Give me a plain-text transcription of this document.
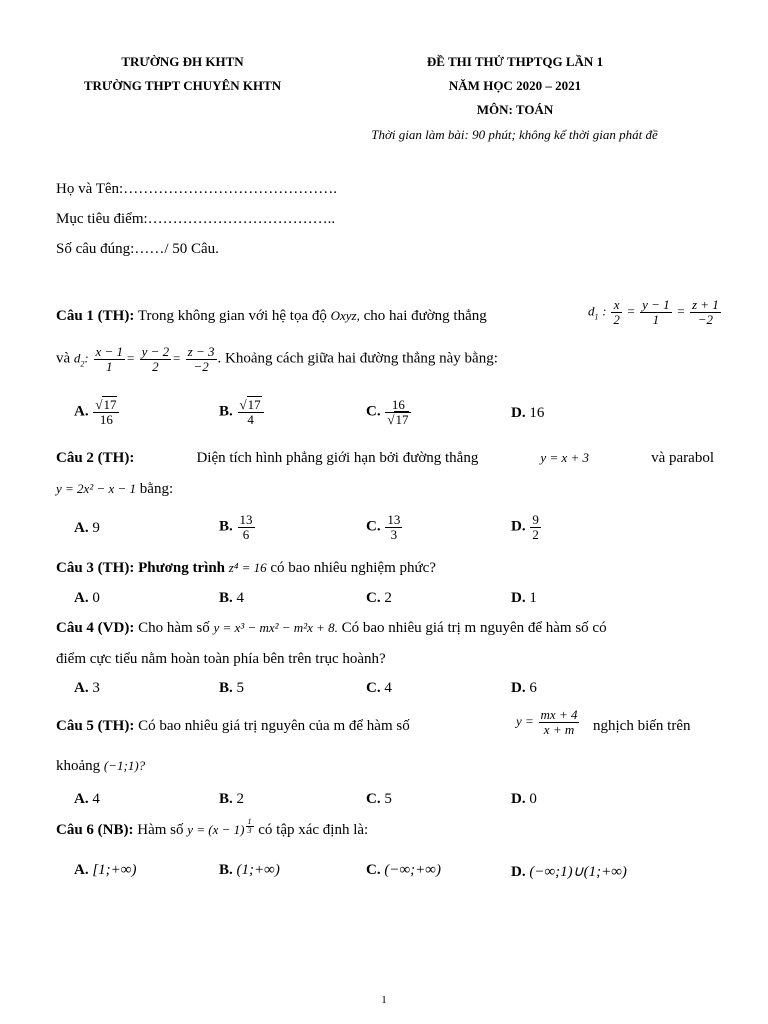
TRƯỜNG ĐH KHTN
TRƯỜNG THPT CHUYÊN KHTN
ĐỀ THI THỬ THPTQG LẦN 1
NĂM HỌC 2020 – 2021
MÔN: TOÁN
Thời gian làm bài: 90 phút; không kể thời gian phát đề
Họ và Tên:…………………………………….
Mục tiêu điểm:………………………………..
Số câu đúng:……/ 50 Câu.
Câu 1 (TH): Trong không gian với hệ tọa độ Oxyz, cho hai đường thẳng	$d_1$ : $\frac{x}{2} = \frac{y - 1}{1} = \frac{z + 1}{-2}$
và $d_2$: $\frac{x - 1}{1} = \frac{y - 2}{2} = \frac{z - 3}{-2}$ . Khoảng cách giữa hai đường thẳng này bằng:
A. $\frac{√17}{16}$	B. $\frac{√17}{4}$	C. $\frac{16}{√17}$	D. 16
Câu 2 (TH):	Diện tích hình phẳng giới hạn bởi đường thẳng	y = x + 3	và parabol
y = 2x² − x − 1 bằng:
A. 9	B. $\frac{13}{6}$	C. $\frac{13}{3}$	D. $\frac{9}{2}$
Câu 3 (TH): Phương trình z⁴ = 16 có bao nhiêu nghiệm phức?
A. 0	B. 4	C. 2	D. 1
Câu 4 (VD): Cho hàm số y = x³ − mx² − m²x + 8. Có bao nhiêu giá trị m nguyên để hàm số có
điểm cực tiểu nằm hoàn toàn phía bên trên trục hoành?
A. 3	B. 5	C. 4	D. 6
Câu 5 (TH): Có bao nhiêu giá trị nguyên của m để hàm số	$y = \frac{mx + 4}{x + m}$ nghịch biến trên
khoảng (−1;1)?
A. 4	B. 2	C. 5	D. 0
Câu 6 (NB): Hàm số $y = (x - 1) \frac{1}{3}$ có tập xác định là:
A. [1;+∞)	B. (1;+∞)	C. (−∞;+∞)	D. (−∞;1)∪(1;+∞)
1
